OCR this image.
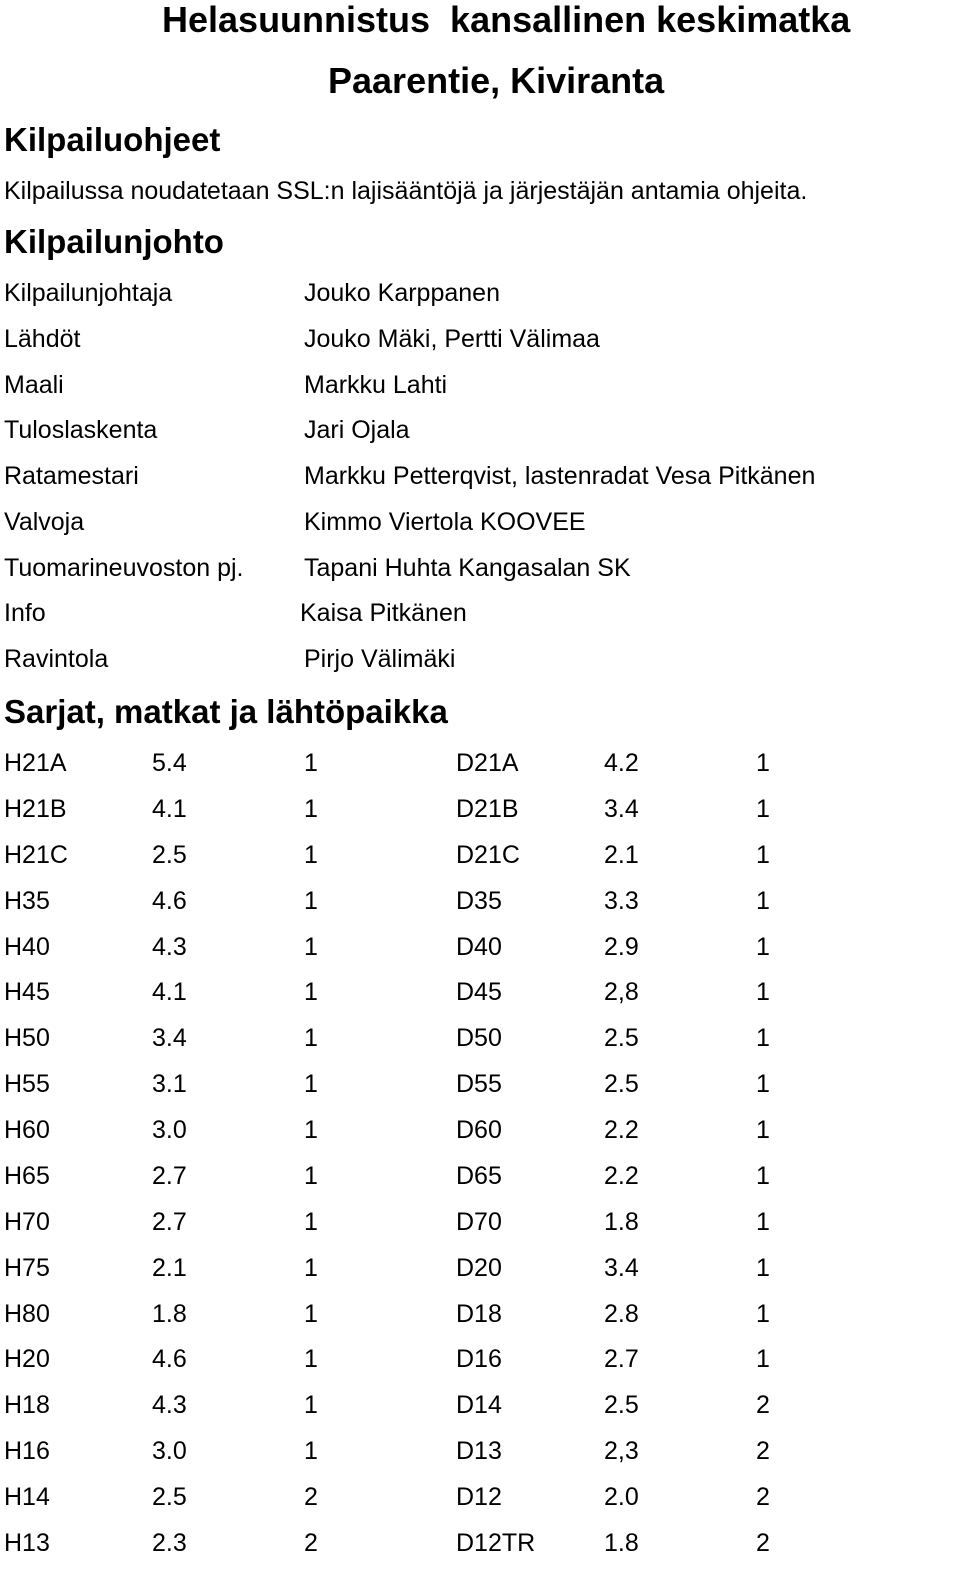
Helasuunnistus  kansallinen keskimatka
Paarentie, Kiviranta
Kilpailuohjeet
Kilpailussa noudatetaan SSL:n lajisääntöjä ja järjestäjän antamia ohjeita.
Kilpailunjohto
Kilpailunjohtaja	Jouko Karppanen
Lähdöt	Jouko Mäki, Pertti Välimaa
Maali	Markku Lahti
Tuloslaskenta	Jari Ojala
Ratamestari	Markku Petterqvist, lastenradat Vesa Pitkänen
Valvoja	Kimmo Viertola KOOVEE
Tuomarineuvoston pj. Tapani Huhta Kangasalan SK
Info	Kaisa Pitkänen
Ravintola	Pirjo Välimäki
Sarjat, matkat ja lähtöpaikka
H21A	5.4	1	D21A	4.2	1
H21B	4.1	1	D21B	3.4	1
H21C	2.5	1	D21C	2.1	1
H35	4.6	1	D35	3.3	1
H40	4.3	1	D40	2.9	1
H45	4.1	1	D45	2,8	1
H50	3.4	1	D50	2.5	1
H55	3.1	1	D55	2.5	1
H60	3.0	1	D60	2.2	1
H65	2.7	1	D65	2.2	1
H70	2.7	1	D70	1.8	1
H75	2.1	1	D20	3.4	1
H80	1.8	1	D18	2.8	1
H20	4.6	1	D16	2.7	1
H18	4.3	1	D14	2.5	2
H16	3.0	1	D13	2,3	2
H14	2.5	2	D12	2.0	2
H13	2.3	2	D12TR	1.8	2
